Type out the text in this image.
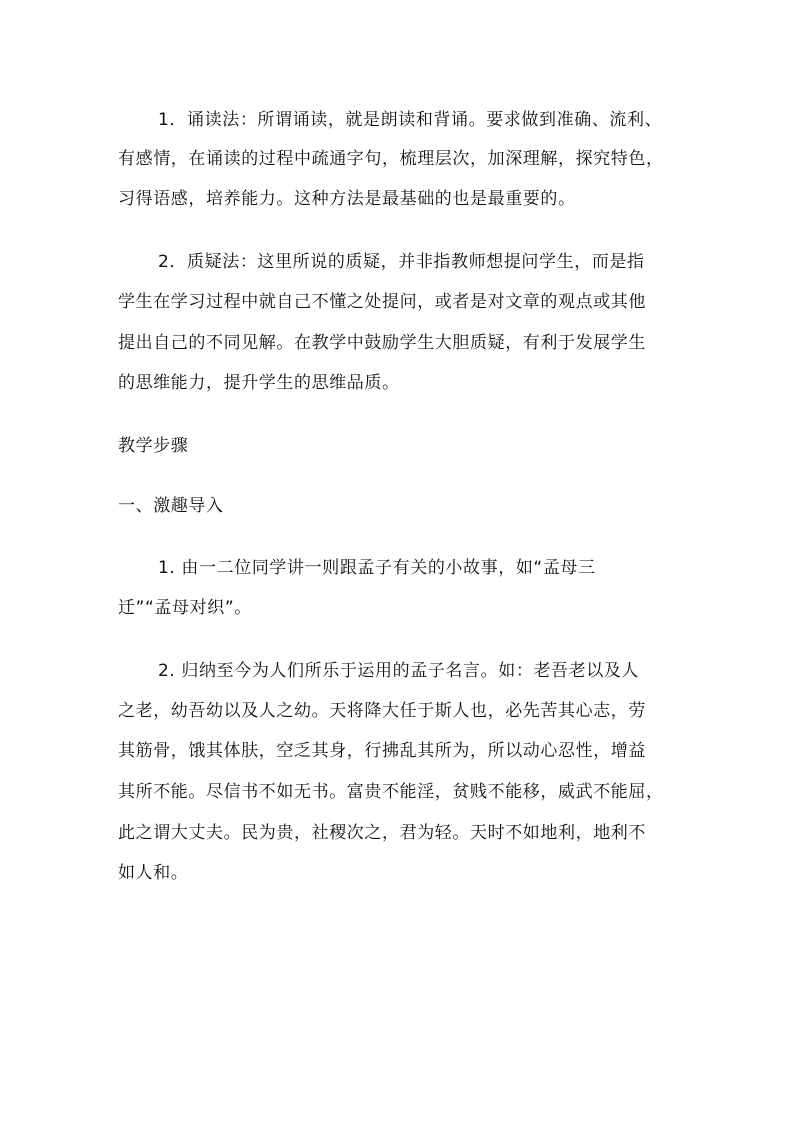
1．诵读法：所谓诵读，就是朗读和背诵。要求做到准确、流利、
有感情，在诵读的过程中疏通字句，梳理层次，加深理解，探究特色，
习得语感，培养能力。这种方法是最基础的也是最重要的。
2．质疑法：这里所说的质疑，并非指教师想提问学生，而是指
学生在学习过程中就自己不懂之处提问，或者是对文章的观点或其他
提出自己的不同见解。在教学中鼓励学生大胆质疑，有利于发展学生
的思维能力，提升学生的思维品质。
教学步骤
一、激趣导入
1. 由一二位同学讲一则跟孟子有关的小故事，如“孟母三
迁”“孟母对织”。
2. 归纳至今为人们所乐于运用的孟子名言。如：老吾老以及人
之老，幼吾幼以及人之幼。天将降大任于斯人也，必先苦其心志，劳
其筋骨，饿其体肤，空乏其身，行拂乱其所为，所以动心忍性，增益
其所不能。尽信书不如无书。富贵不能淫，贫贱不能移，威武不能屈，
此之谓大丈夫。民为贵，社稷次之，君为轻。天时不如地利，地利不
如人和。
